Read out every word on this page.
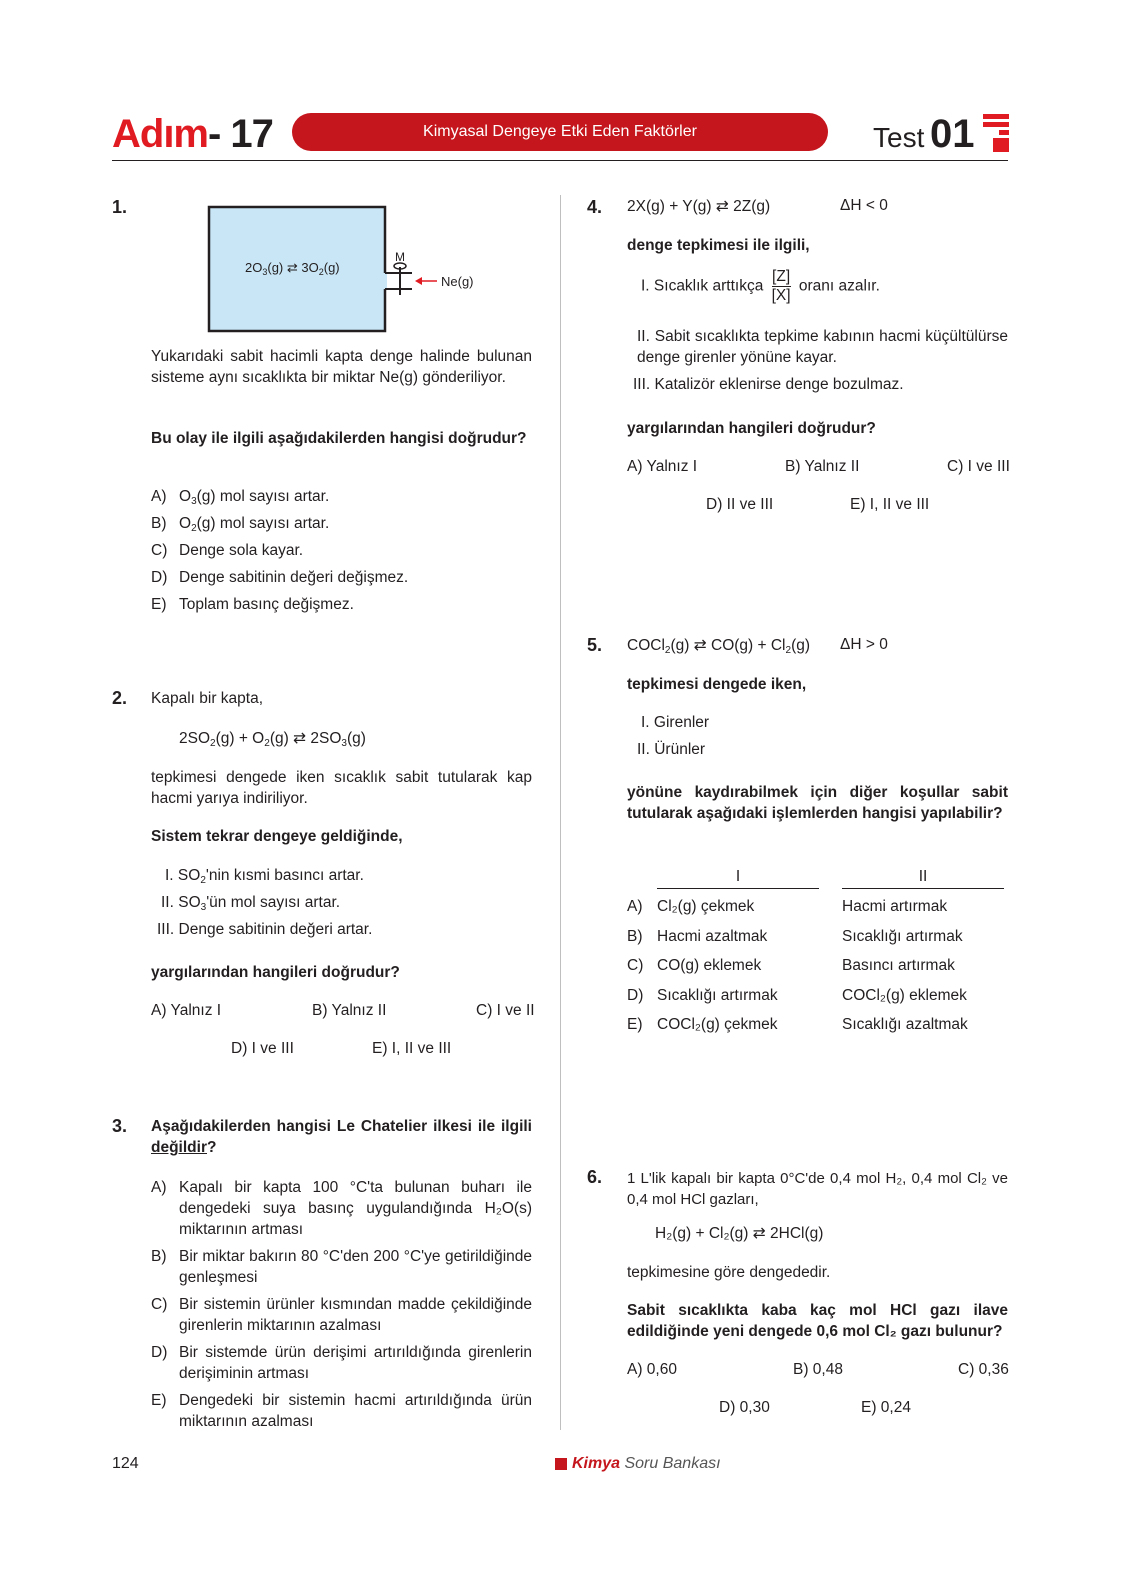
Adım- 17	Kimyasal Dengeye Etki Eden Faktörler	Test 01
1.
$2O_3(g)$ ⇄ $3O_2(g)$
M
Ne(g)
Yukarıdaki sabit hacimli kapta denge halinde bulunan sisteme aynı sıcaklıkta bir miktar Ne(g) gönderiliyor.
Bu olay ile ilgili aşağıdakilerden hangisi doğrudur?
A) $O_3(g)$ mol sayısı artar.
B) $O_2(g)$ mol sayısı artar.
C) Denge sola kayar.
D) Denge sabitinin değeri değişmez.
E) Toplam basınç değişmez.
2. Kapalı bir kapta,
$2SO_2(g) + O_2(g)$ ⇄ $2SO_3(g)$
tepkimesi dengede iken sıcaklık sabit tutularak kap hacmi yarıya indiriliyor.
Sistem tekrar dengeye geldiğinde,
I. $SO_2'nin$ kısmi basıncı artar.
II. $SO_3'ün$ mol sayısı artar.
III. Denge sabitinin değeri artar.
yargılarından hangileri doğrudur?
A) Yalnız I	B) Yalnız II	C) I ve II
D) I ve III	E) I, II ve III
3. Aşağıdakilerden hangisi Le Chatelier ilkesi ile ilgili değildir?
A) Kapalı bir kapta 100 °C'ta bulunan buharı ile dengedeki suya basınç uygulandığında H₂O(s) miktarının artması
B) Bir miktar bakırın 80 °C'den 200 °C'ye getirildiğinde genleşmesi
C) Bir sistemin ürünler kısmından madde çekildiğinde girenlerin miktarının azalması
D) Bir sistemde ürün derişimi artırıldığında girenlerin derişiminin artması
E) Dengedeki bir sistemin hacmi artırıldığında ürün miktarının azalması
4. 2X(g) + Y(g) ⇄ 2Z(g)	ΔH < 0
denge tepkimesi ile ilgili,
I. Sıcaklık arttıkça $\frac{[Z]}{[X]}$ oranı azalır.
II. Sabit sıcaklıkta tepkime kabının hacmi küçültülürse denge girenler yönüne kayar.
III. Katalizör eklenirse denge bozulmaz.
yargılarından hangileri doğrudur?
A) Yalnız I	B) Yalnız II	C) I ve III
D) II ve III	E) I, II ve III
5. COCl$_2$(g) ⇄ $CO(g) + Cl_2(g) \Delta H > 0$
tepkimesi dengede iken,
I. Girenler
II. Ürünler
yönüne kaydırabilmek için diğer koşullar sabit tutularak aşağıdaki işlemlerden hangisi yapılabilir?
I	II
A) Cl₂(g) çekmek	Hacmi artırmak
B) Hacmi azaltmak	Sıcaklığı artırmak
C) CO(g) eklemek	Basıncı artırmak
D) Sıcaklığı artırmak	COCl₂(g) eklemek
E) COCl₂(g) çekmek	Sıcaklığı azaltmak
6. 1 L'lik kapalı bir kapta 0°C'de 0,4 mol H₂, 0,4 mol Cl₂ ve 0,4 mol HCl gazları,
H₂(g) + Cl₂(g) ⇄ 2HCl(g)
tepkimesine göre dengededir.
Sabit sıcaklıkta kaba kaç mol HCl gazı ilave edildiğinde yeni dengede 0,6 mol Cl₂ gazı bulunur?
A) 0,60	B) 0,48	C) 0,36
D) 0,30	E) 0,24
124	Kimya Soru Bankası
